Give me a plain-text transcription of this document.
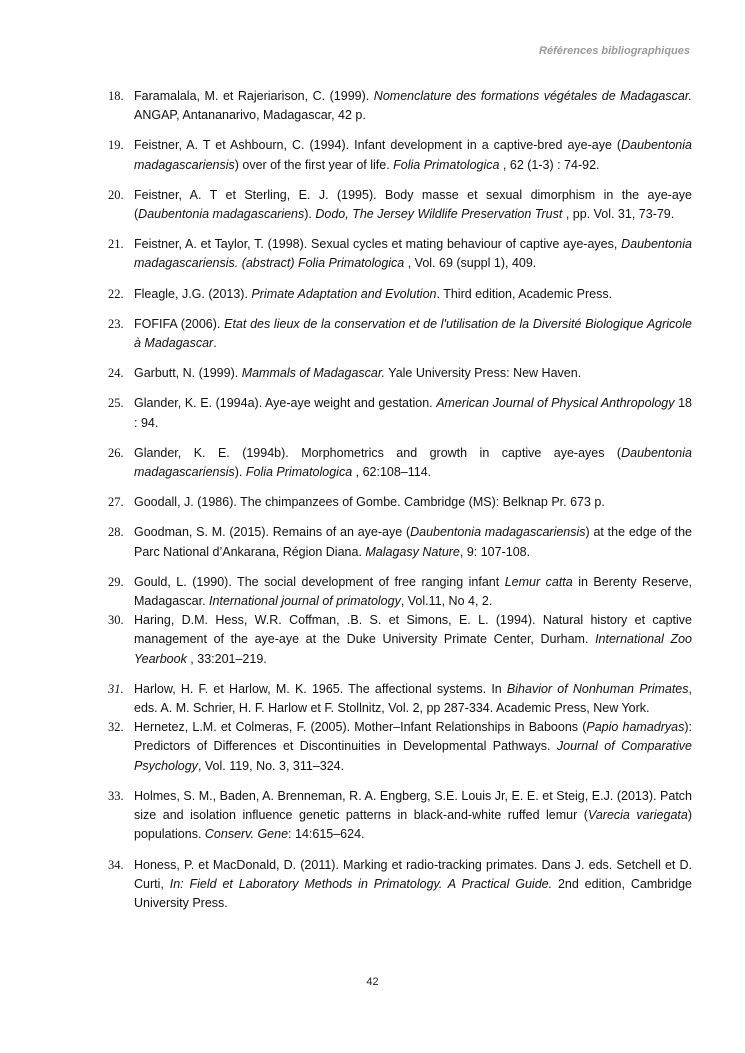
Références bibliographiques
18. Faramalala, M. et Rajeriarison, C. (1999). Nomenclature des formations végétales de Madagascar. ANGAP, Antananarivo, Madagascar, 42 p.
19. Feistner, A. T et Ashbourn, C. (1994). Infant development in a captive-bred aye-aye (Daubentonia madagascariensis) over of the first year of life. Folia Primatologica , 62 (1-3) : 74-92.
20. Feistner, A. T et Sterling, E. J. (1995). Body masse et sexual dimorphism in the aye-aye (Daubentonia madagascariens). Dodo, The Jersey Wildlife Preservation Trust , pp. Vol. 31, 73-79.
21. Feistner, A. et Taylor, T. (1998). Sexual cycles et mating behaviour of captive aye-ayes, Daubentonia madagascariensis. (abstract) Folia Primatologica , Vol. 69 (suppl 1), 409.
22. Fleagle, J.G. (2013). Primate Adaptation and Evolution. Third edition, Academic Press.
23. FOFIFA (2006). Etat des lieux de la conservation et de l'utilisation de la Diversité Biologique Agricole à Madagascar.
24. Garbutt, N. (1999). Mammals of Madagascar. Yale University Press: New Haven.
25. Glander, K. E. (1994a). Aye-aye weight and gestation. American Journal of Physical Anthropology 18 : 94.
26. Glander, K. E. (1994b). Morphometrics and growth in captive aye-ayes (Daubentonia madagascariensis). Folia Primatologica , 62:108–114.
27. Goodall, J. (1986). The chimpanzees of Gombe. Cambridge (MS): Belknap Pr. 673 p.
28. Goodman, S. M. (2015). Remains of an aye-aye (Daubentonia madagascariensis) at the edge of the Parc National d’Ankarana, Région Diana. Malagasy Nature, 9: 107-108.
29. Gould, L. (1990). The social development of free ranging infant Lemur catta in Berenty Reserve, Madagascar. International journal of primatology, Vol.11, No 4, 2.
30. Haring, D.M. Hess, W.R. Coffman, .B. S. et Simons, E. L. (1994). Natural history et captive management of the aye-aye at the Duke University Primate Center, Durham. International Zoo Yearbook , 33:201–219.
31. Harlow, H. F. et Harlow, M. K. 1965. The affectional systems. In Bihavior of Nonhuman Primates, eds. A. M. Schrier, H. F. Harlow et F. Stollnitz, Vol. 2, pp 287-334. Academic Press, New York.
32. Hernetez, L.M. et Colmeras, F. (2005). Mother–Infant Relationships in Baboons (Papio hamadryas): Predictors of Differences et Discontinuities in Developmental Pathways. Journal of Comparative Psychology, Vol. 119, No. 3, 311–324.
33. Holmes, S. M., Baden, A. Brenneman, R. A. Engberg, S.E. Louis Jr, E. E. et Steig, E.J. (2013). Patch size and isolation influence genetic patterns in black-and-white ruffed lemur (Varecia variegata) populations. Conserv. Gene: 14:615–624.
34. Honess, P. et MacDonald, D. (2011). Marking et radio-tracking primates. Dans J. eds. Setchell et D. Curti, In: Field et Laboratory Methods in Primatology. A Practical Guide. 2nd edition, Cambridge University Press.
42
